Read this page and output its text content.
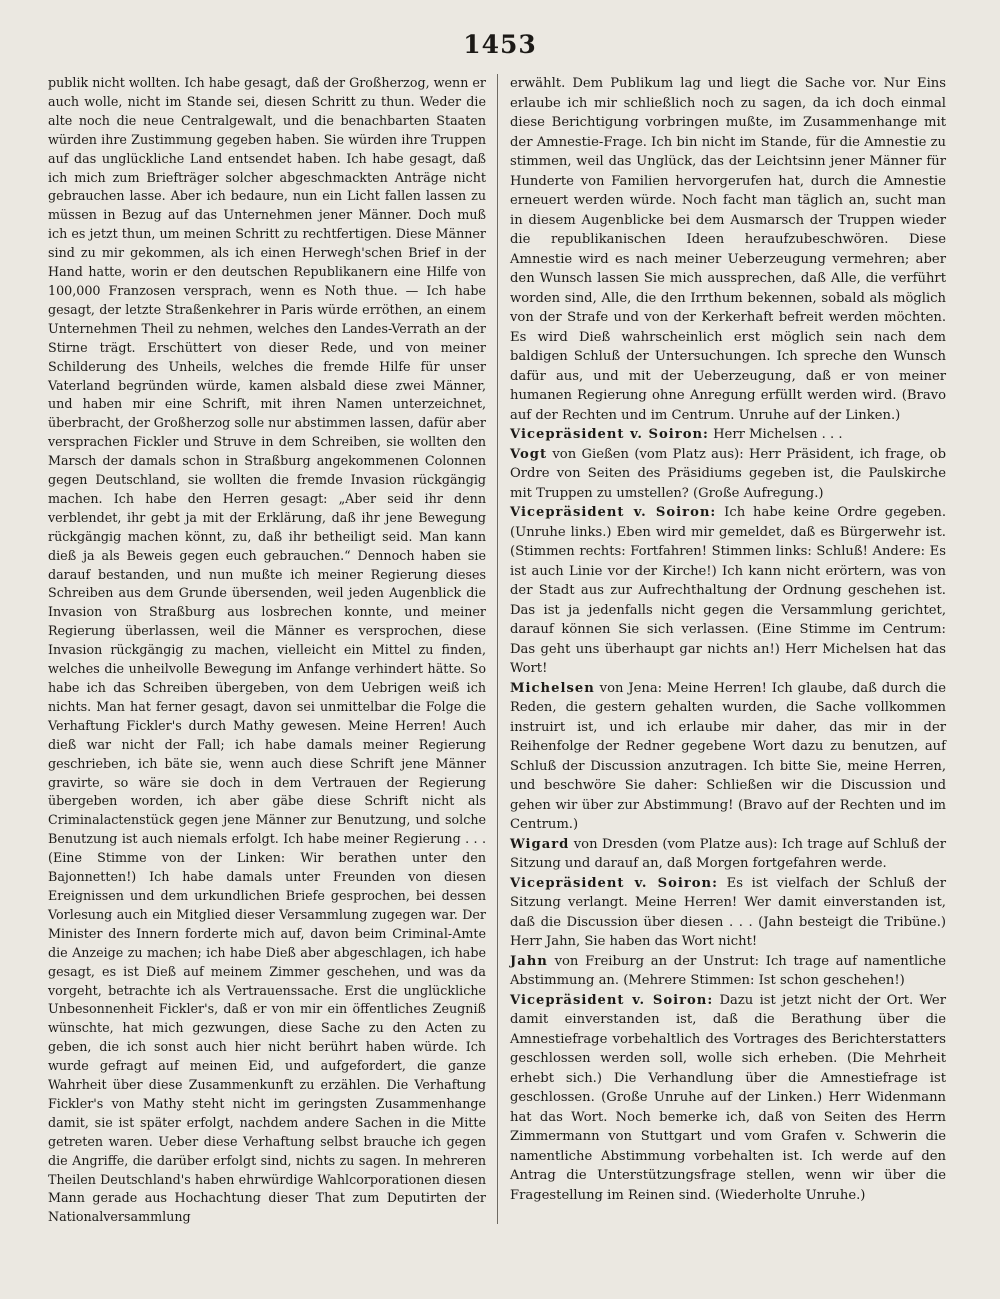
1453

publik nicht wollten. Ich habe gesagt, daß der Großherzog, wenn er auch wolle, nicht im Stande sei, diesen Schritt zu thun. Weder die alte noch die neue Centralgewalt, und die benachbarten Staaten würden ihre Zustimmung gegeben haben. Sie würden ihre Truppen auf das unglückliche Land entsendet haben. Ich habe gesagt, daß ich mich zum Briefträger solcher abgeschmackten Anträge nicht gebrauchen lasse. Aber ich bedaure, nun ein Licht fallen lassen zu müssen in Bezug auf das Unternehmen jener Männer. Doch muß ich es jetzt thun, um meinen Schritt zu rechtfertigen. Diese Männer sind zu mir gekommen, als ich einen Herwegh'schen Brief in der Hand hatte, worin er den deutschen Republikanern eine Hilfe von 100,000 Franzosen versprach, wenn es Noth thue. — Ich habe gesagt, der letzte Straßenkehrer in Paris würde erröthen, an einem Unternehmen Theil zu nehmen, welches den Landes-Verrath an der Stirne trägt. Erschüttert von dieser Rede, und von meiner Schilderung des Unheils, welches die fremde Hilfe für unser Vaterland begründen würde, kamen alsbald diese zwei Männer, und haben mir eine Schrift, mit ihren Namen unterzeichnet, überbracht, der Großherzog solle nur abstimmen lassen, dafür aber versprachen Fickler und Struve in dem Schreiben, sie wollten den Marsch der damals schon in Straßburg angekommenen Colonnen gegen Deutschland, sie wollten die fremde Invasion rückgängig machen. Ich habe den Herren gesagt: „Aber seid ihr denn verblendet, ihr gebt ja mit der Erklärung, daß ihr jene Bewegung rückgängig machen könnt, zu, daß ihr betheiligt seid. Man kann dieß ja als Beweis gegen euch gebrauchen.“ Dennoch haben sie darauf bestanden, und nun mußte ich meiner Regierung dieses Schreiben aus dem Grunde übersenden, weil jeden Augenblick die Invasion von Straßburg aus losbrechen konnte, und meiner Regierung überlassen, weil die Männer es versprochen, diese Invasion rückgängig zu machen, vielleicht ein Mittel zu finden, welches die unheilvolle Bewegung im Anfange verhindert hätte. So habe ich das Schreiben übergeben, von dem Uebrigen weiß ich nichts. Man hat ferner gesagt, davon sei unmittelbar die Folge die Verhaftung Fickler's durch Mathy gewesen. Meine Herren! Auch dieß war nicht der Fall; ich habe damals meiner Regierung geschrieben, ich bäte sie, wenn auch diese Schrift jene Männer gravirte, so wäre sie doch in dem Vertrauen der Regierung übergeben worden, ich aber gäbe diese Schrift nicht als Criminalactenstück gegen jene Männer zur Benutzung, und solche Benutzung ist auch niemals erfolgt. Ich habe meiner Regierung . . . (Eine Stimme von der Linken: Wir berathen unter den Bajonnetten!) Ich habe damals unter Freunden von diesen Ereignissen und dem urkundlichen Briefe gesprochen, bei dessen Vorlesung auch ein Mitglied dieser Versammlung zugegen war. Der Minister des Innern forderte mich auf, davon beim Criminal-Amte die Anzeige zu machen; ich habe Dieß aber abgeschlagen, ich habe gesagt, es ist Dieß auf meinem Zimmer geschehen, und was da vorgeht, betrachte ich als Vertrauenssache. Erst die unglückliche Unbesonnenheit Fickler's, daß er von mir ein öffentliches Zeugniß wünschte, hat mich gezwungen, diese Sache zu den Acten zu geben, die ich sonst auch hier nicht berührt haben würde. Ich wurde gefragt auf meinen Eid, und aufgefordert, die ganze Wahrheit über diese Zusammenkunft zu erzählen. Die Verhaftung Fickler's von Mathy steht nicht im geringsten Zusammenhange damit, sie ist später erfolgt, nachdem andere Sachen in die Mitte getreten waren. Ueber diese Verhaftung selbst brauche ich gegen die Angriffe, die darüber erfolgt sind, nichts zu sagen. In mehreren Theilen Deutschland's haben ehrwürdige Wahlcorporationen diesen Mann gerade aus Hochachtung dieser That zum Deputirten der Nationalversammlung

erwählt. Dem Publikum lag und liegt die Sache vor. Nur Eins erlaube ich mir schließlich noch zu sagen, da ich doch einmal diese Berichtigung vorbringen mußte, im Zusammenhange mit der Amnestie-Frage. Ich bin nicht im Stande, für die Amnestie zu stimmen, weil das Unglück, das der Leichtsinn jener Männer für Hunderte von Familien hervorgerufen hat, durch die Amnestie erneuert werden würde. Noch facht man täglich an, sucht man in diesem Augenblicke bei dem Ausmarsch der Truppen wieder die republikanischen Ideen heraufzubeschwören. Diese Amnestie wird es nach meiner Ueberzeugung vermehren; aber den Wunsch lassen Sie mich aussprechen, daß Alle, die verführt worden sind, Alle, die den Irrthum bekennen, sobald als möglich von der Strafe und von der Kerkerhaft befreit werden möchten. Es wird Dieß wahrscheinlich erst möglich sein nach dem baldigen Schluß der Untersuchungen. Ich spreche den Wunsch dafür aus, und mit der Ueberzeugung, daß er von meiner humanen Regierung ohne Anregung erfüllt werden wird. (Bravo auf der Rechten und im Centrum. Unruhe auf der Linken.)

Vicepräsident v. Soiron: Herr Michelsen . . .

Vogt von Gießen (vom Platz aus): Herr Präsident, ich frage, ob Ordre von Seiten des Präsidiums gegeben ist, die Paulskirche mit Truppen zu umstellen? (Große Aufregung.)

Vicepräsident v. Soiron: Ich habe keine Ordre gegeben. (Unruhe links.) Eben wird mir gemeldet, daß es Bürgerwehr ist. (Stimmen rechts: Fortfahren! Stimmen links: Schluß! Andere: Es ist auch Linie vor der Kirche!) Ich kann nicht erörtern, was von der Stadt aus zur Aufrechthaltung der Ordnung geschehen ist. Das ist ja jedenfalls nicht gegen die Versammlung gerichtet, darauf können Sie sich verlassen. (Eine Stimme im Centrum: Das geht uns überhaupt gar nichts an!) Herr Michelsen hat das Wort!

Michelsen von Jena: Meine Herren! Ich glaube, daß durch die Reden, die gestern gehalten wurden, die Sache vollkommen instruirt ist, und ich erlaube mir daher, das mir in der Reihenfolge der Redner gegebene Wort dazu zu benutzen, auf Schluß der Discussion anzutragen. Ich bitte Sie, meine Herren, und beschwöre Sie daher: Schließen wir die Discussion und gehen wir über zur Abstimmung! (Bravo auf der Rechten und im Centrum.)

Wigard von Dresden (vom Platze aus): Ich trage auf Schluß der Sitzung und darauf an, daß Morgen fortgefahren werde.

Vicepräsident v. Soiron: Es ist vielfach der Schluß der Sitzung verlangt. Meine Herren! Wer damit einverstanden ist, daß die Discussion über diesen . . . (Jahn besteigt die Tribüne.) Herr Jahn, Sie haben das Wort nicht!

Jahn von Freiburg an der Unstrut: Ich trage auf namentliche Abstimmung an. (Mehrere Stimmen: Ist schon geschehen!)

Vicepräsident v. Soiron: Dazu ist jetzt nicht der Ort. Wer damit einverstanden ist, daß die Berathung über die Amnestiefrage vorbehaltlich des Vortrages des Berichterstatters geschlossen werden soll, wolle sich erheben. (Die Mehrheit erhebt sich.) Die Verhandlung über die Amnestiefrage ist geschlossen. (Große Unruhe auf der Linken.) Herr Widenmann hat das Wort. Noch bemerke ich, daß von Seiten des Herrn Zimmermann von Stuttgart und vom Grafen v. Schwerin die namentliche Abstimmung vorbehalten ist. Ich werde auf den Antrag die Unterstützungsfrage stellen, wenn wir über die Fragestellung im Reinen sind. (Wiederholte Unruhe.)
